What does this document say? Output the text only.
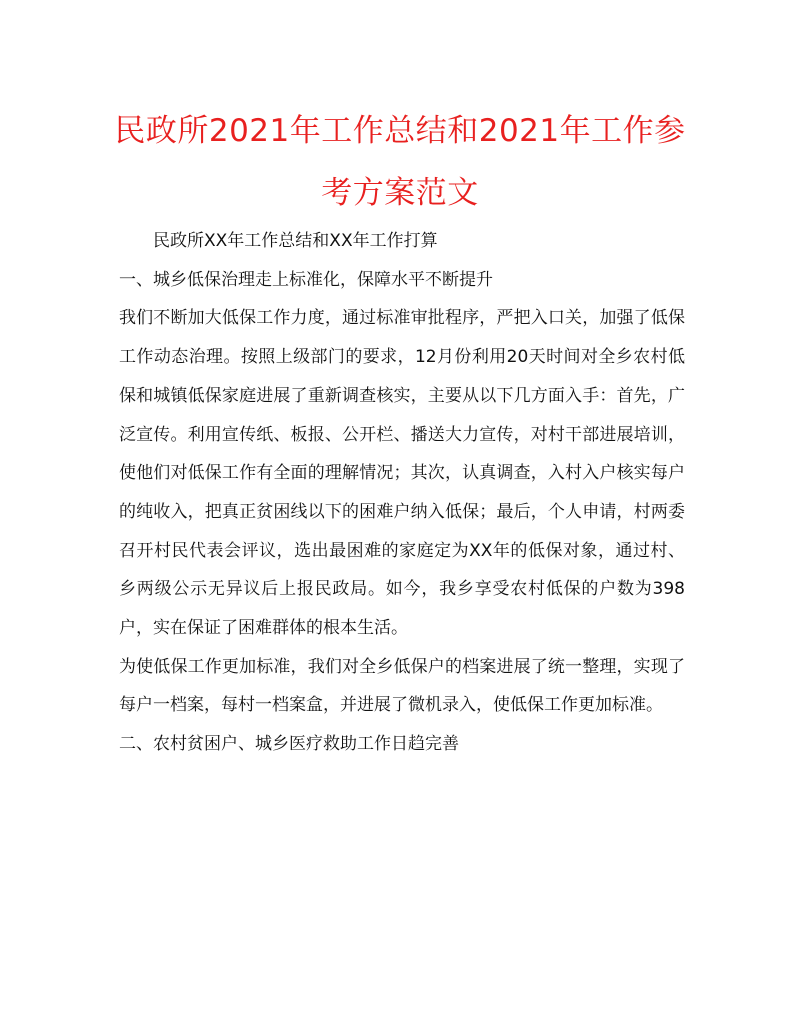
民政所2021年工作总结和2021年工作参考方案范文

民政所XX年工作总结和XX年工作打算

一、城乡低保治理走上标准化，保障水平不断提升

我们不断加大低保工作力度，通过标准审批程序，严把入口关，加强了低保工作动态治理。按照上级部门的要求，12月份利用20天时间对全乡农村低保和城镇低保家庭进展了重新调查核实，主要从以下几方面入手：首先，广泛宣传。利用宣传纸、板报、公开栏、播送大力宣传，对村干部进展培训，使他们对低保工作有全面的理解情况；其次，认真调查，入村入户核实每户的纯收入，把真正贫困线以下的困难户纳入低保；最后，个人申请，村两委召开村民代表会评议，选出最困难的家庭定为XX年的低保对象，通过村、乡两级公示无异议后上报民政局。如今，我乡享受农村低保的户数为398户，实在保证了困难群体的根本生活。

为使低保工作更加标准，我们对全乡低保户的档案进展了统一整理，实现了每户一档案，每村一档案盒，并进展了微机录入，使低保工作更加标准。

二、农村贫困户、城乡医疗救助工作日趋完善
